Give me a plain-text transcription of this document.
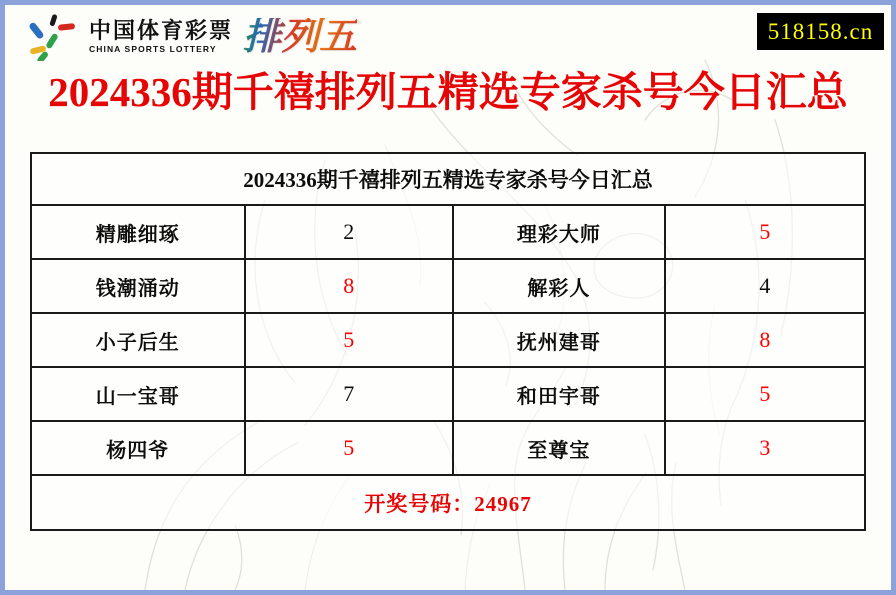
中国体育彩票
CHINA SPORTS LOTTERY 排列五	518158.cn
2024336期千禧排列五精选专家杀号今日汇总
2024336期千禧排列五精选专家杀号今日汇总			
精雕细琢	2	理彩大师	5
钱潮涌动	8	解彩人	4
小子后生	5	抚州建哥	8
山一宝哥	7	和田宇哥	5
杨四爷	5	至尊宝	3
开奖号码：24967			
